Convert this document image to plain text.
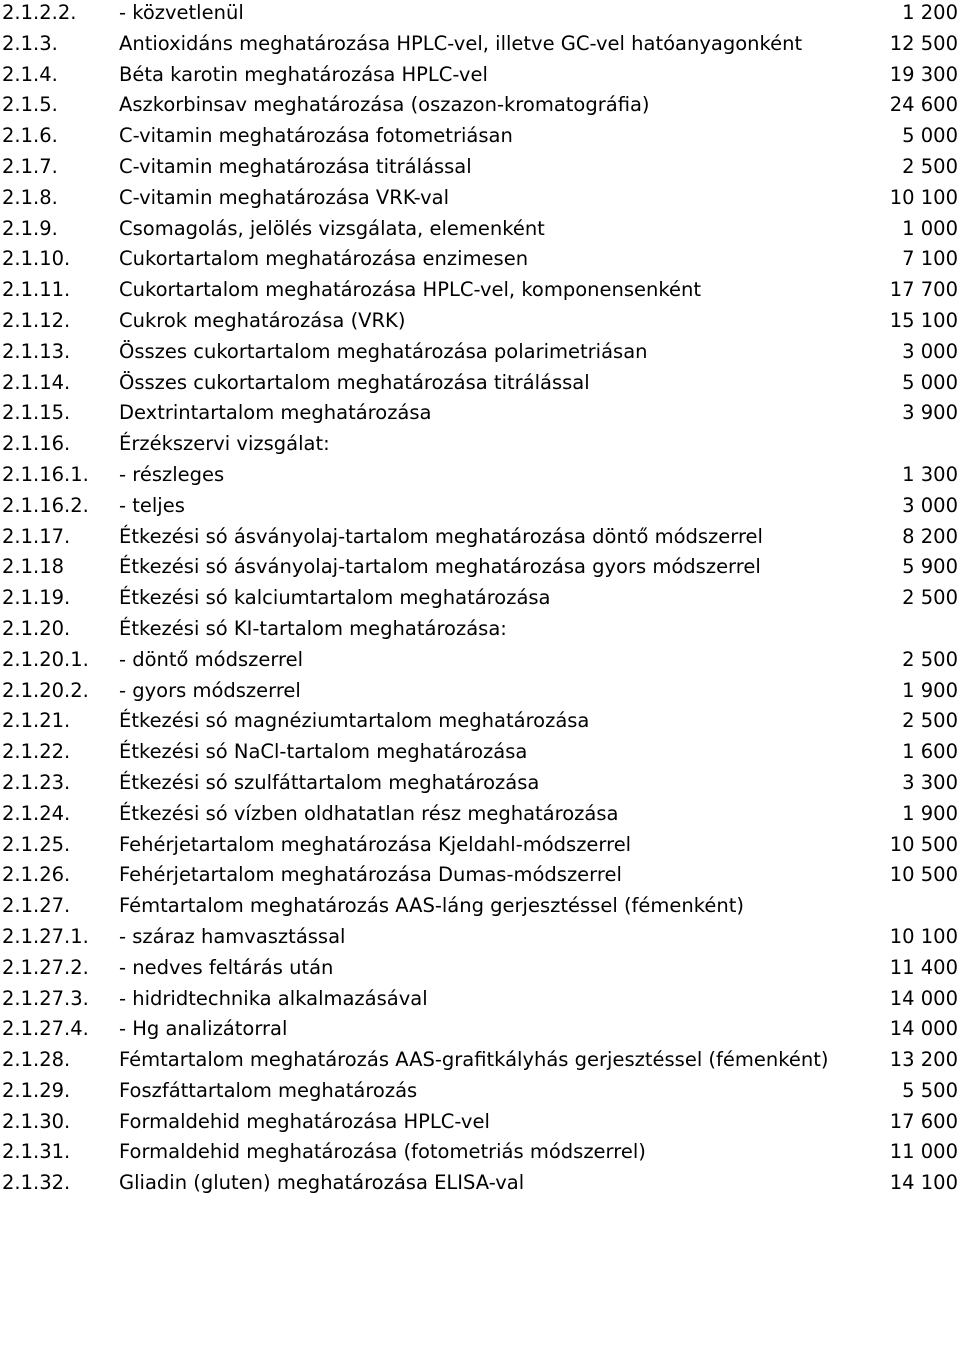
2.1.2.2.	- közvetlenül	1 200
2.1.3.	Antioxidáns meghatározása HPLC-vel, illetve GC-vel hatóanyagonként	12 500
2.1.4.	Béta karotin meghatározása HPLC-vel	19 300
2.1.5.	Aszkorbinsav meghatározása (oszazon-kromatográfia)	24 600
2.1.6.	C-vitamin meghatározása fotometriásan	5 000
2.1.7.	C-vitamin meghatározása titrálással	2 500
2.1.8.	C-vitamin meghatározása VRK-val	10 100
2.1.9.	Csomagolás, jelölés vizsgálata, elemenként	1 000
2.1.10.	Cukortartalom meghatározása enzimesen	7 100
2.1.11.	Cukortartalom meghatározása HPLC-vel, komponensenként	17 700
2.1.12.	Cukrok meghatározása (VRK)	15 100
2.1.13.	Összes cukortartalom meghatározása polarimetriásan	3 000
2.1.14.	Összes cukortartalom meghatározása titrálással	5 000
2.1.15.	Dextrintartalom meghatározása	3 900
2.1.16.	Érzékszervi vizsgálat:
2.1.16.1.	- részleges	1 300
2.1.16.2.	- teljes	3 000
2.1.17.	Étkezési só ásványolaj-tartalom meghatározása döntő módszerrel	8 200
2.1.18	Étkezési só ásványolaj-tartalom meghatározása gyors módszerrel	5 900
2.1.19.	Étkezési só kalciumtartalom meghatározása	2 500
2.1.20.	Étkezési só KI-tartalom meghatározása:
2.1.20.1.	- döntő módszerrel	2 500
2.1.20.2.	- gyors módszerrel	1 900
2.1.21.	Étkezési só magnéziumtartalom meghatározása	2 500
2.1.22.	Étkezési só NaCl-tartalom meghatározása	1 600
2.1.23.	Étkezési só szulfáttartalom meghatározása	3 300
2.1.24.	Étkezési só vízben oldhatatlan rész meghatározása	1 900
2.1.25.	Fehérjetartalom meghatározása Kjeldahl-módszerrel	10 500
2.1.26.	Fehérjetartalom meghatározása Dumas-módszerrel	10 500
2.1.27.	Fémtartalom meghatározás AAS-láng gerjesztéssel (fémenként)
2.1.27.1.	- száraz hamvasztással	10 100
2.1.27.2.	- nedves feltárás után	11 400
2.1.27.3.	- hidridtechnika alkalmazásával	14 000
2.1.27.4.	- Hg analizátorral	14 000
2.1.28.	Fémtartalom meghatározás AAS-grafitkályhás gerjesztéssel (fémenként)	13 200
2.1.29.	Foszfáttartalom meghatározás	5 500
2.1.30.	Formaldehid meghatározása HPLC-vel	17 600
2.1.31.	Formaldehid meghatározása (fotometriás módszerrel)	11 000
2.1.32.	Gliadin (gluten) meghatározása ELISA-val	14 100
